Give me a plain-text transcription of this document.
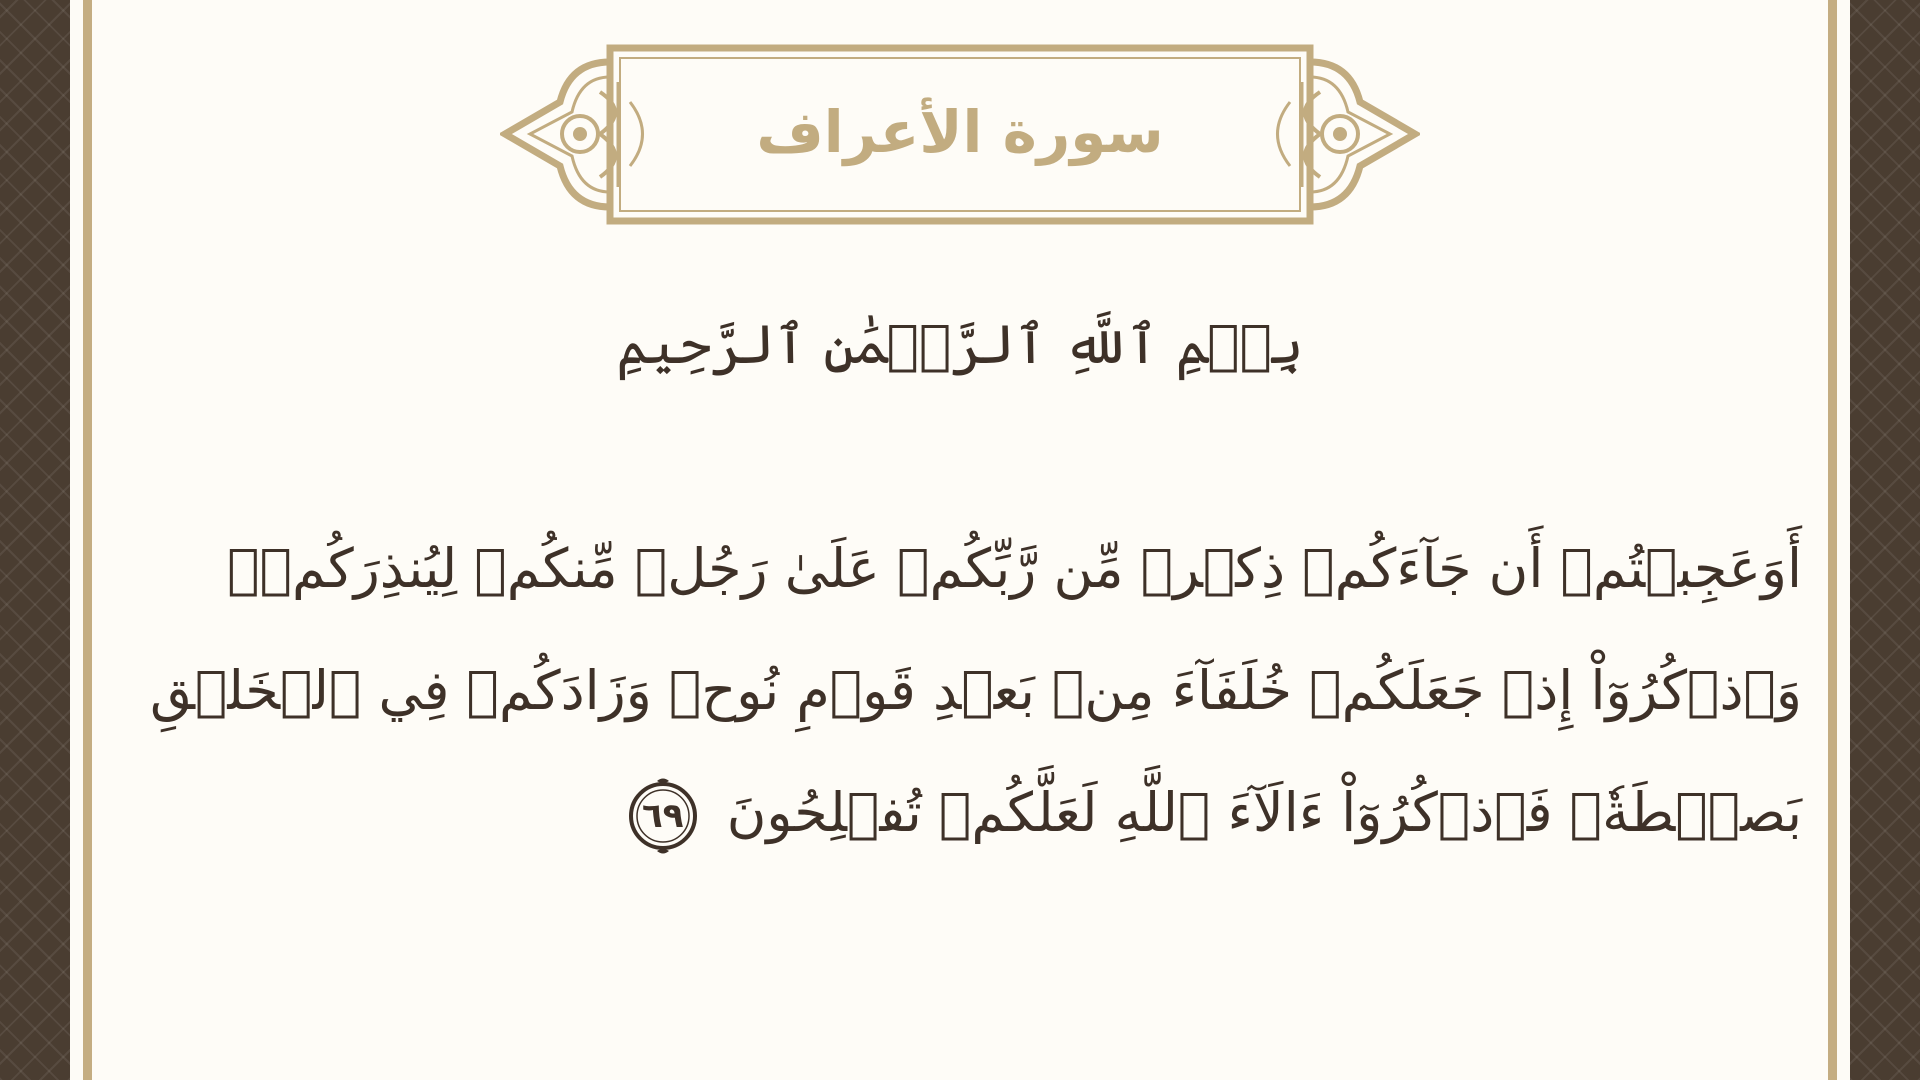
سورة الأعراف
بِسۡمِ ٱللَّهِ ٱلرَّحۡمَٰنِ ٱلرَّحِيمِ
أَوَعَجِبۡتُمۡ أَن جَآءَكُمۡ ذِكۡرٞ مِّن رَّبِّكُمۡ عَلَىٰ رَجُلٖ مِّنكُمۡ لِيُنذِرَكُمۡۚ
وَٱذۡكُرُوٓاْ إِذۡ جَعَلَكُمۡ خُلَفَآءَ مِنۢ بَعۡدِ قَوۡمِ نُوحٖ وَزَادَكُمۡ فِي ٱلۡخَلۡقِ
بَصۜۡطَةٗۖ فَٱذۡكُرُوٓاْ ءَالَآءَ ٱللَّهِ لَعَلَّكُمۡ تُفۡلِحُونَ
٦٩
